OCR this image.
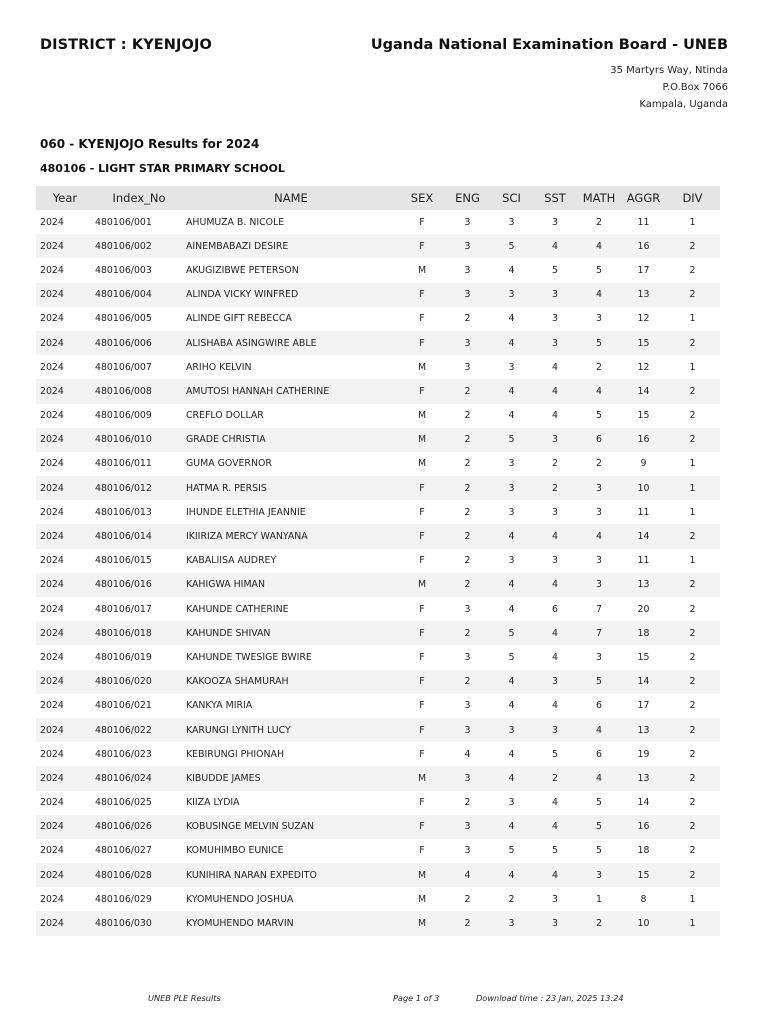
DISTRICT : KYENJOJO	Uganda National Examination Board - UNEB
35 Martyrs Way, Ntinda
P.O.Box 7066
Kampala, Uganda
060 - KYENJOJO Results for 2024
480106 - LIGHT STAR PRIMARY SCHOOL
Year	Index_No	NAME	SEX	ENG	SCI	SST	MATH	AGGR	DIV
2024	480106/001	AHUMUZA B. NICOLE	F	3	3	3	2	11	1
2024	480106/002	AINEMBABAZI DESIRE	F	3	5	4	4	16	2
2024	480106/003	AKUGIZIBWE PETERSON	M	3	4	5	5	17	2
2024	480106/004	ALINDA VICKY WINFRED	F	3	3	3	4	13	2
2024	480106/005	ALINDE GIFT REBECCA	F	2	4	3	3	12	1
2024	480106/006	ALISHABA ASINGWIRE ABLE	F	3	4	3	5	15	2
2024	480106/007	ARIHO KELVIN	M	3	3	4	2	12	1
2024	480106/008	AMUTOSI HANNAH CATHERINE	F	2	4	4	4	14	2
2024	480106/009	CREFLO DOLLAR	M	2	4	4	5	15	2
2024	480106/010	GRADE CHRISTIA	M	2	5	3	6	16	2
2024	480106/011	GUMA GOVERNOR	M	2	3	2	2	9	1
2024	480106/012	HATMA R. PERSIS	F	2	3	2	3	10	1
2024	480106/013	IHUNDE ELETHIA JEANNIE	F	2	3	3	3	11	1
2024	480106/014	IKIIRIZA MERCY WANYANA	F	2	4	4	4	14	2
2024	480106/015	KABALIISA AUDREY	F	2	3	3	3	11	1
2024	480106/016	KAHIGWA HIMAN	M	2	4	4	3	13	2
2024	480106/017	KAHUNDE CATHERINE	F	3	4	6	7	20	2
2024	480106/018	KAHUNDE SHIVAN	F	2	5	4	7	18	2
2024	480106/019	KAHUNDE TWESIGE BWIRE	F	3	5	4	3	15	2
2024	480106/020	KAKOOZA SHAMURAH	F	2	4	3	5	14	2
2024	480106/021	KANKYA MIRIA	F	3	4	4	6	17	2
2024	480106/022	KARUNGI LYNITH LUCY	F	3	3	3	4	13	2
2024	480106/023	KEBIRUNGI PHIONAH	F	4	4	5	6	19	2
2024	480106/024	KIBUDDE JAMES	M	3	4	2	4	13	2
2024	480106/025	KIIZA LYDIA	F	2	3	4	5	14	2
2024	480106/026	KOBUSINGE MELVIN SUZAN	F	3	4	4	5	16	2
2024	480106/027	KOMUHIMBO EUNICE	F	3	5	5	5	18	2
2024	480106/028	KUNIHIRA NARAN EXPEDITO	M	4	4	4	3	15	2
2024	480106/029	KYOMUHENDO JOSHUA	M	2	2	3	1	8	1
2024	480106/030	KYOMUHENDO MARVIN	M	2	3	3	2	10	1
UNEB PLE Results	Page 1 of 3	Download time : 23 Jan, 2025 13:24
